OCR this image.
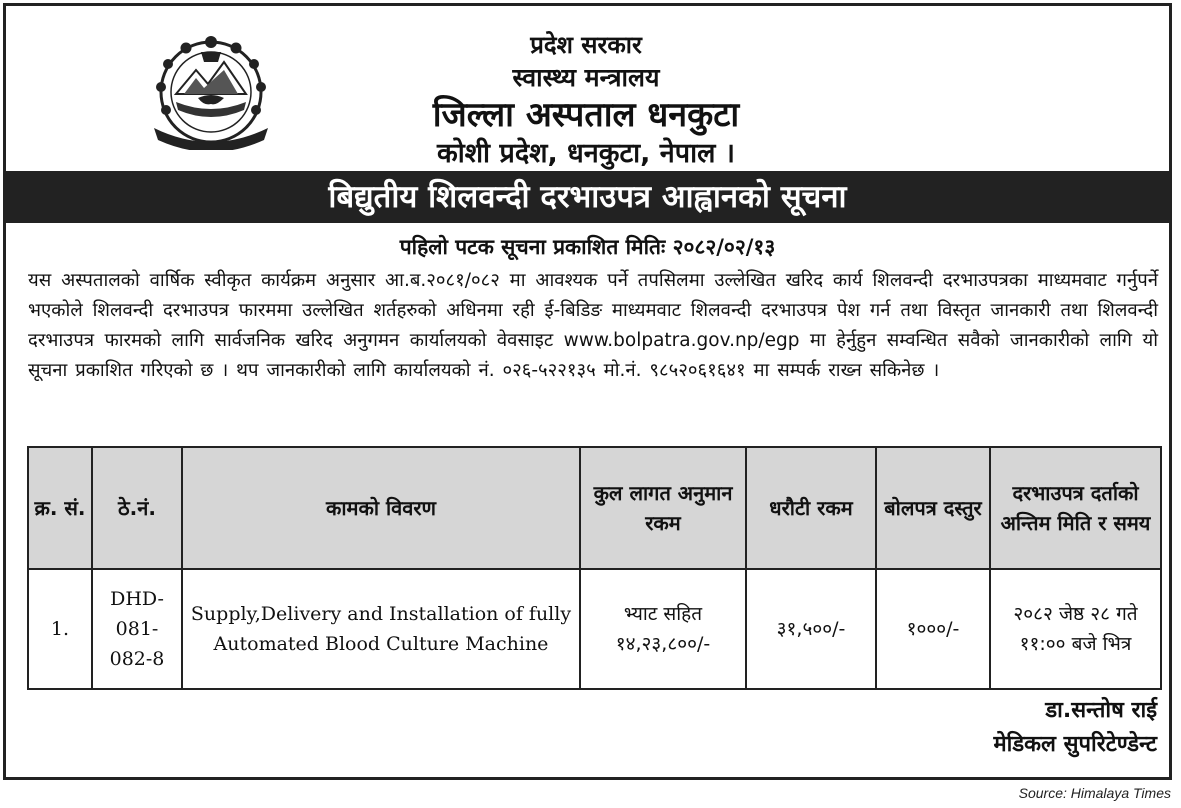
प्रदेश सरकार
स्वास्थ्य मन्त्रालय
जिल्ला अस्पताल धनकुटा
कोशी प्रदेश, धनकुटा, नेपाल ।
बिद्युतीय शिलवन्दी दरभाउपत्र आह्वानको सूचना
पहिलो पटक सूचना प्रकाशित मितिः २०८२/०२/१३
यस अस्पतालको वार्षिक स्वीकृत कार्यक्रम अनुसार आ.ब.२०८१/०८२ मा आवश्यक पर्ने तपसिलमा उल्लेखित खरिद कार्य शिलवन्दी दरभाउपत्रका माध्यमवाट गर्नुपर्ने भएकोले शिलवन्दी दरभाउपत्र फारममा उल्लेखित शर्तहरुको अधिनमा रही ई-बिडिङ माध्यमवाट शिलवन्दी दरभाउपत्र पेश गर्न तथा विस्तृत जानकारी तथा शिलवन्दी दरभाउपत्र फारमको लागि सार्वजनिक खरिद अनुगमन कार्यालयको वेवसाइट www.bolpatra.gov.np/egp मा हेर्नुहुन सम्वन्धित सवैको जानकारीको लागि यो सूचना प्रकाशित गरिएको छ । थप जानकारीको लागि कार्यालयको नं. ०२६-५२२१३५ मो.नं. ९८५२०६१६४१ मा सम्पर्क राख्न सकिनेछ ।
क्र. सं.	ठे.नं.	कामको विवरण	कुल लागत अनुमान रकम	धरौटी रकम	बोलपत्र दस्तुर	दरभाउपत्र दर्ताको अन्तिम मिति र समय
1.	DHD-081-082-8	Supply,Delivery and Installation of fully Automated Blood Culture Machine	भ्याट सहित १४,२३,८००/-	३१,५००/-	१०००/-	२०८२ जेष्ठ २८ गते ११:०० बजे भित्र
डा.सन्तोष राई
मेडिकल सुपरिटेण्डेन्ट
Source: Himalaya Times
